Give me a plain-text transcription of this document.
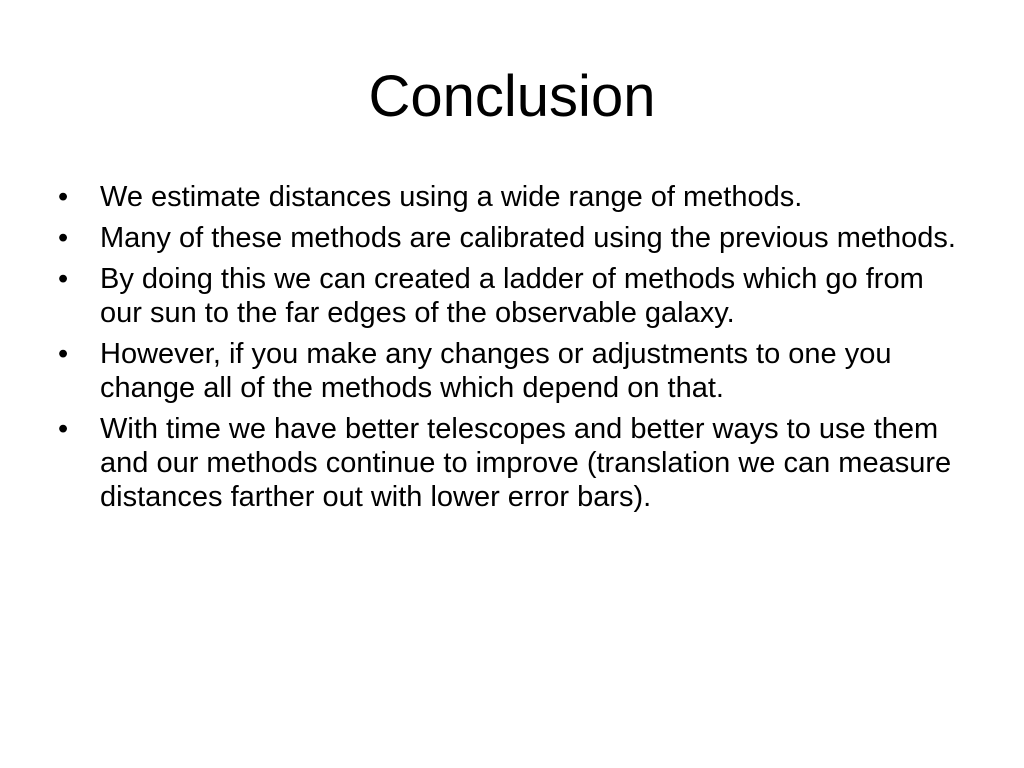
Conclusion
•	We estimate distances using a wide range of methods.
•	Many of these methods are calibrated using the previous methods.
•	By doing this we can created a ladder of methods which go from our sun to the far edges of the observable galaxy.
•	However, if you make any changes or adjustments to one you change all of the methods which depend on that.
•	With time we have better telescopes and better ways to use them and our methods continue to improve (translation we can measure distances farther out with lower error bars).
